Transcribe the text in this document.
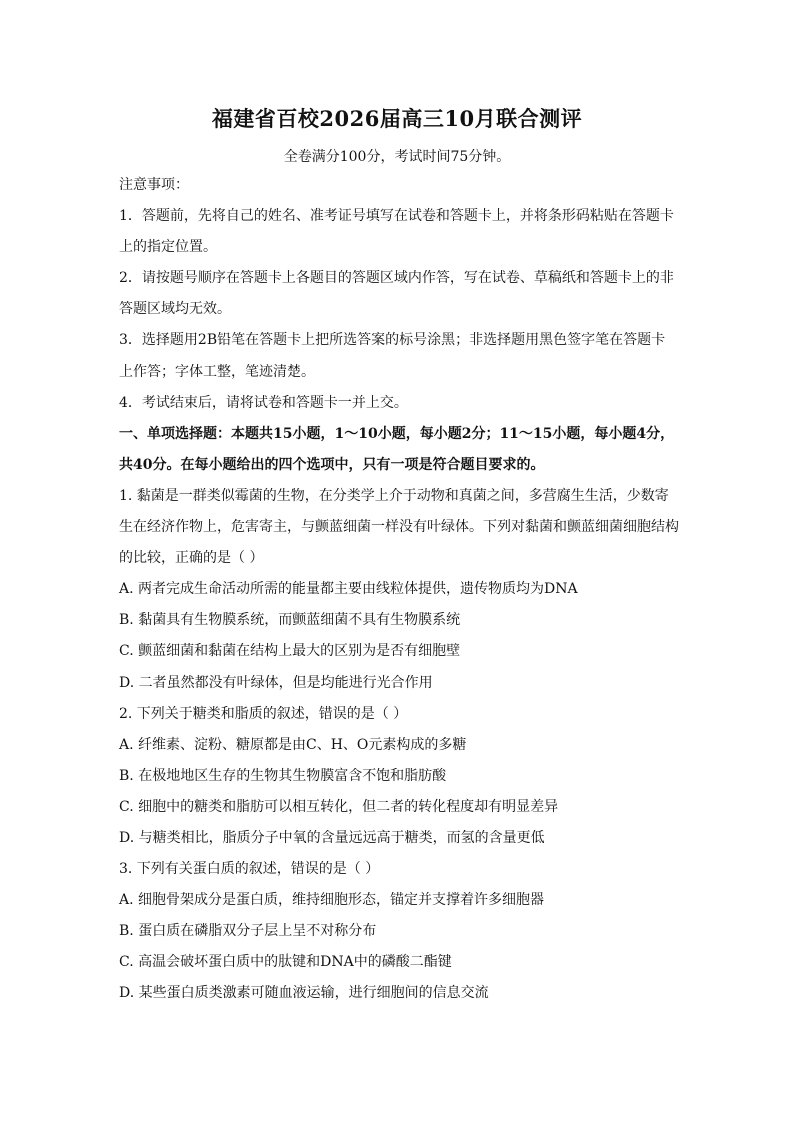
福建省百校2026届高三10月联合测评
全卷满分100分，考试时间75分钟。
注意事项：
1．答题前，先将自己的姓名、准考证号填写在试卷和答题卡上，并将条形码粘贴在答题卡
上的指定位置。
2．请按题号顺序在答题卡上各题目的答题区域内作答，写在试卷、草稿纸和答题卡上的非
答题区域均无效。
3．选择题用2B铅笔在答题卡上把所选答案的标号涂黑；非选择题用黑色签字笔在答题卡
上作答；字体工整，笔迹清楚。
4．考试结束后，请将试卷和答题卡一并上交。
一、单项选择题：本题共15小题，1～10小题，每小题2分；11～15小题，每小题4分，
共40分。在每小题给出的四个选项中，只有一项是符合题目要求的。
1. 黏菌是一群类似霉菌的生物，在分类学上介于动物和真菌之间，多营腐生生活，少数寄
生在经济作物上，危害寄主，与颤蓝细菌一样没有叶绿体。下列对黏菌和颤蓝细菌细胞结构
的比较，正确的是（ ）
A. 两者完成生命活动所需的能量都主要由线粒体提供，遗传物质均为DNA
B. 黏菌具有生物膜系统，而颤蓝细菌不具有生物膜系统
C. 颤蓝细菌和黏菌在结构上最大的区别为是否有细胞壁
D. 二者虽然都没有叶绿体，但是均能进行光合作用
2. 下列关于糖类和脂质的叙述，错误的是（ ）
A. 纤维素、淀粉、糖原都是由C、H、O元素构成的多糖
B. 在极地地区生存的生物其生物膜富含不饱和脂肪酸
C. 细胞中的糖类和脂肪可以相互转化，但二者的转化程度却有明显差异
D. 与糖类相比，脂质分子中氧的含量远远高于糖类，而氢的含量更低
3. 下列有关蛋白质的叙述，错误的是（ ）
A. 细胞骨架成分是蛋白质，维持细胞形态，锚定并支撑着许多细胞器
B. 蛋白质在磷脂双分子层上呈不对称分布
C. 高温会破坏蛋白质中的肽键和DNA中的磷酸二酯键
D. 某些蛋白质类激素可随血液运输，进行细胞间的信息交流
